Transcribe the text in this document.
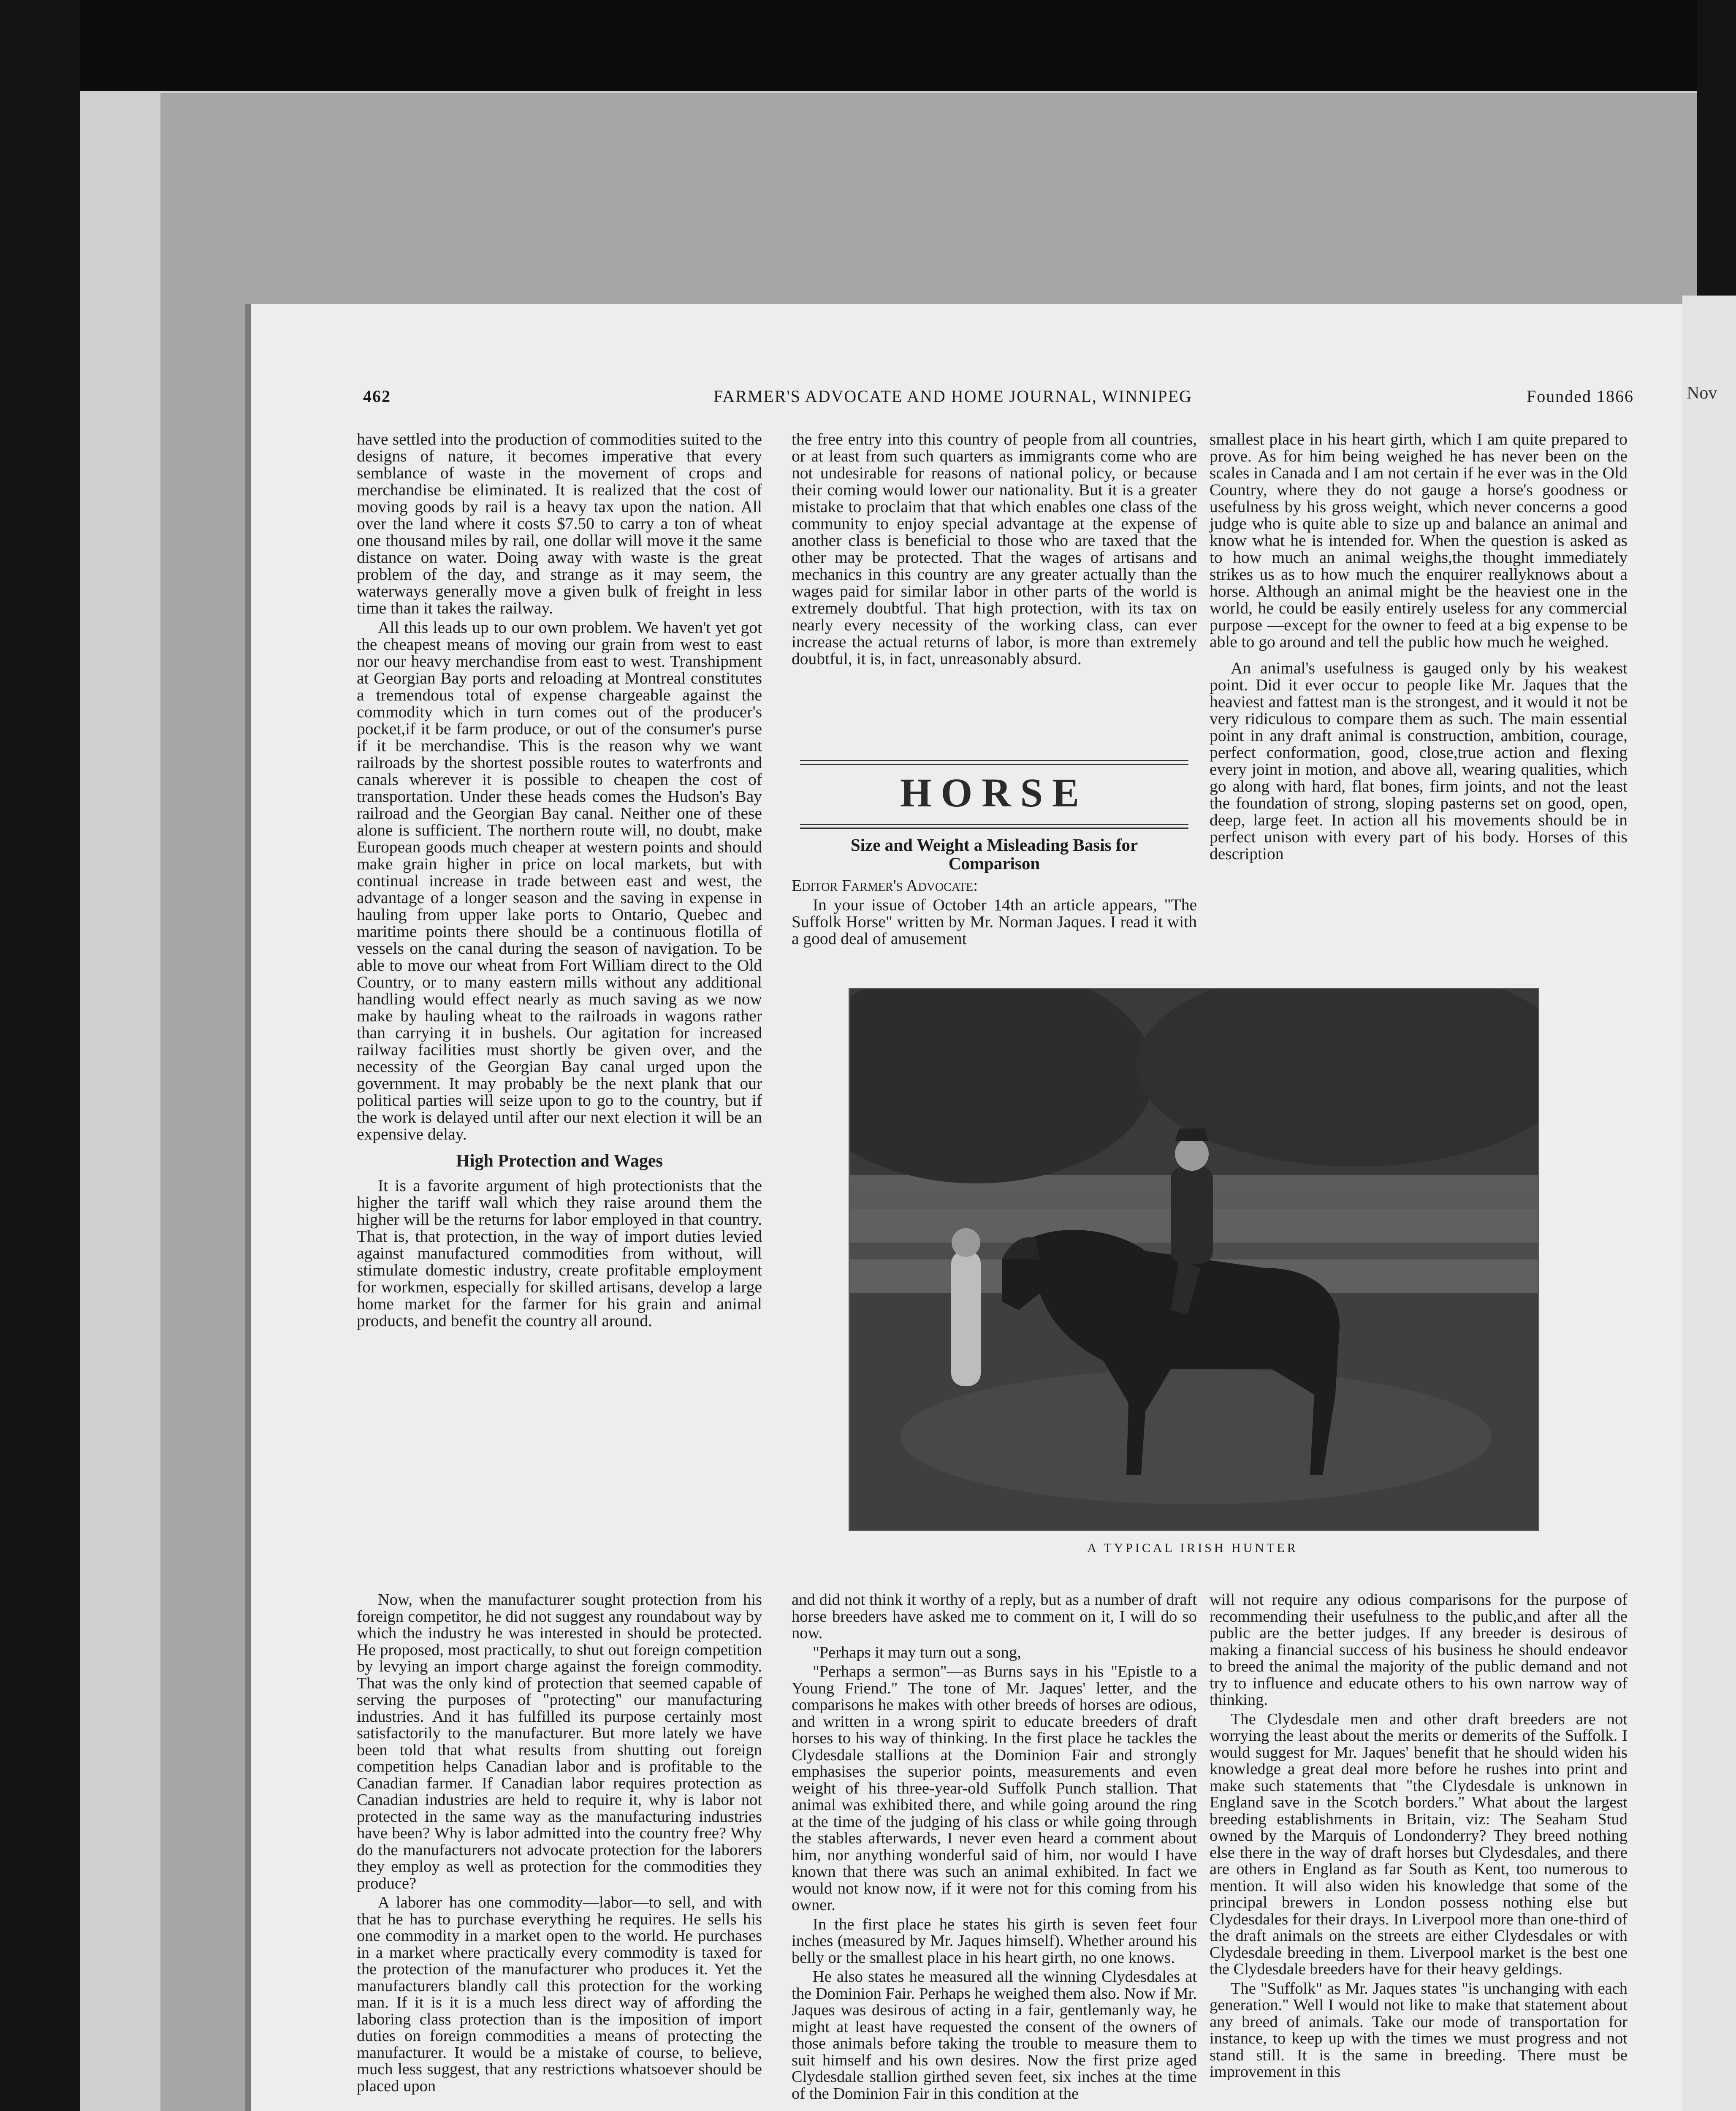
Nov
462	FARMER'S ADVOCATE AND HOME JOURNAL, WINNIPEG	Founded 1866

have settled into the production of commodities suited to the designs of nature, it becomes imperative that every semblance of waste in the movement of crops and merchandise be eliminated. It is realized that the cost of moving goods by rail is a heavy tax upon the nation. All over the land where it costs $7.50 to carry a ton of wheat one thousand miles by rail, one dollar will move it the same distance on water. Doing away with waste is the great problem of the day, and strange as it may seem, the waterways generally move a given bulk of freight in less time than it takes the railway.

All this leads up to our own problem. We haven't yet got the cheapest means of moving our grain from west to east nor our heavy merchandise from east to west. Transhipment at Georgian Bay ports and reloading at Montreal constitutes a tremendous total of expense chargeable against the commodity which in turn comes out of the producer's pocket,if it be farm produce, or out of the consumer's purse if it be merchandise. This is the reason why we want railroads by the shortest possible routes to waterfronts and canals wherever it is possible to cheapen the cost of transportation. Under these heads comes the Hudson's Bay railroad and the Georgian Bay canal. Neither one of these alone is sufficient. The northern route will, no doubt, make European goods much cheaper at western points and should make grain higher in price on local markets, but with continual increase in trade between east and west, the advantage of a longer season and the saving in expense in hauling from upper lake ports to Ontario, Quebec and maritime points there should be a continuous flotilla of vessels on the canal during the season of navigation. To be able to move our wheat from Fort William direct to the Old Country, or to many eastern mills without any additional handling would effect nearly as much saving as we now make by hauling wheat to the railroads in wagons rather than carrying it in bushels. Our agitation for increased railway facilities must shortly be given over, and the necessity of the Georgian Bay canal urged upon the government. It may probably be the next plank that our political parties will seize upon to go to the country, but if the work is delayed until after our next election it will be an expensive delay.

High Protection and Wages

It is a favorite argument of high protectionists that the higher the tariff wall which they raise around them the higher will be the returns for labor employed in that country. That is, that protection, in the way of import duties levied against manufactured commodities from without, will stimulate domestic industry, create profitable employment for workmen, especially for skilled artisans, develop a large home market for the farmer for his grain and animal products, and benefit the country all around.

the free entry into this country of people from all countries, or at least from such quarters as immigrants come who are not undesirable for reasons of national policy, or because their coming would lower our nationality. But it is a greater mistake to proclaim that that which enables one class of the community to enjoy special advantage at the expense of another class is beneficial to those who are taxed that the other may be protected. That the wages of artisans and mechanics in this country are any greater actually than the wages paid for similar labor in other parts of the world is extremely doubtful. That high protection, with its tax on nearly every necessity of the working class, can ever increase the actual returns of labor, is more than extremely doubtful, it is, in fact, unreasonably absurd.

HORSE
Size and Weight a Misleading Basis for Comparison

Editor Farmer's Advocate:

In your issue of October 14th an article appears, "The Suffolk Horse" written by Mr. Norman Jaques. I read it with a good deal of amusement

smallest place in his heart girth, which I am quite prepared to prove. As for him being weighed he has never been on the scales in Canada and I am not certain if he ever was in the Old Country, where they do not gauge a horse's goodness or usefulness by his gross weight, which never concerns a good judge who is quite able to size up and balance an animal and know what he is intended for. When the question is asked as to how much an animal weighs,the thought immediately strikes us as to how much the enquirer reallyknows about a horse. Although an animal might be the heaviest one in the world, he could be easily entirely useless for any commercial purpose —except for the owner to feed at a big expense to be able to go around and tell the public how much he weighed.

An animal's usefulness is gauged only by his weakest point. Did it ever occur to people like Mr. Jaques that the heaviest and fattest man is the strongest, and it would it not be very ridiculous to compare them as such. The main essential point in any draft animal is construction, ambition, courage, perfect conformation, good, close,true action and flexing every joint in motion, and above all, wearing qualities, which go along with hard, flat bones, firm joints, and not the least the foundation of strong, sloping pasterns set on good, open, deep, large feet. In action all his movements should be in perfect unison with every part of his body. Horses of this description

A TYPICAL IRISH HUNTER

Now, when the manufacturer sought protection from his foreign competitor, he did not suggest any roundabout way by which the industry he was interested in should be protected. He proposed, most practically, to shut out foreign competition by levying an import charge against the foreign commodity. That was the only kind of protection that seemed capable of serving the purposes of "protecting" our manufacturing industries. And it has fulfilled its purpose certainly most satisfactorily to the manufacturer. But more lately we have been told that what results from shutting out foreign competition helps Canadian labor and is profitable to the Canadian farmer. If Canadian labor requires protection as Canadian industries are held to require it, why is labor not protected in the same way as the manufacturing industries have been? Why is labor admitted into the country free? Why do the manufacturers not advocate protection for the laborers they employ as well as protection for the commodities they produce?

A laborer has one commodity—labor—to sell, and with that he has to purchase everything he requires. He sells his one commodity in a market open to the world. He purchases in a market where practically every commodity is taxed for the protection of the manufacturer who produces it. Yet the manufacturers blandly call this protection for the working man. If it is it is a much less direct way of affording the laboring class protection than is the imposition of import duties on foreign commodities a means of protecting the manufacturer. It would be a mistake of course, to believe, much less suggest, that any restrictions whatsoever should be placed upon

and did not think it worthy of a reply, but as a number of draft horse breeders have asked me to comment on it, I will do so now.

"Perhaps it may turn out a song,

"Perhaps a sermon"—as Burns says in his "Epistle to a Young Friend." The tone of Mr. Jaques' letter, and the comparisons he makes with other breeds of horses are odious, and written in a wrong spirit to educate breeders of draft horses to his way of thinking. In the first place he tackles the Clydesdale stallions at the Dominion Fair and strongly emphasises the superior points, measurements and even weight of his three-year-old Suffolk Punch stallion. That animal was exhibited there, and while going around the ring at the time of the judging of his class or while going through the stables afterwards, I never even heard a comment about him, nor anything wonderful said of him, nor would I have known that there was such an animal exhibited. In fact we would not know now, if it were not for this coming from his owner.

In the first place he states his girth is seven feet four inches (measured by Mr. Jaques himself). Whether around his belly or the smallest place in his heart girth, no one knows.

He also states he measured all the winning Clydesdales at the Dominion Fair. Perhaps he weighed them also. Now if Mr. Jaques was desirous of acting in a fair, gentlemanly way, he might at least have requested the consent of the owners of those animals before taking the trouble to measure them to suit himself and his own desires. Now the first prize aged Clydesdale stallion girthed seven feet, six inches at the time of the Dominion Fair in this condition at the

will not require any odious comparisons for the purpose of recommending their usefulness to the public,and after all the public are the better judges. If any breeder is desirous of making a financial success of his business he should endeavor to breed the animal the majority of the public demand and not try to influence and educate others to his own narrow way of thinking.

The Clydesdale men and other draft breeders are not worrying the least about the merits or demerits of the Suffolk. I would suggest for Mr. Jaques' benefit that he should widen his knowledge a great deal more before he rushes into print and make such statements that "the Clydesdale is unknown in England save in the Scotch borders." What about the largest breeding establishments in Britain, viz: The Seaham Stud owned by the Marquis of Londonderry? They breed nothing else there in the way of draft horses but Clydesdales, and there are others in England as far South as Kent, too numerous to mention. It will also widen his knowledge that some of the principal brewers in London possess nothing else but Clydesdales for their drays. In Liverpool more than one-third of the draft animals on the streets are either Clydesdales or with Clydesdale breeding in them. Liverpool market is the best one the Clydesdale breeders have for their heavy geldings.

The "Suffolk" as Mr. Jaques states "is unchanging with each generation." Well I would not like to make that statement about any breed of animals. Take our mode of transportation for instance, to keep up with the times we must progress and not stand still. It is the same in breeding. There must be improvement in this
